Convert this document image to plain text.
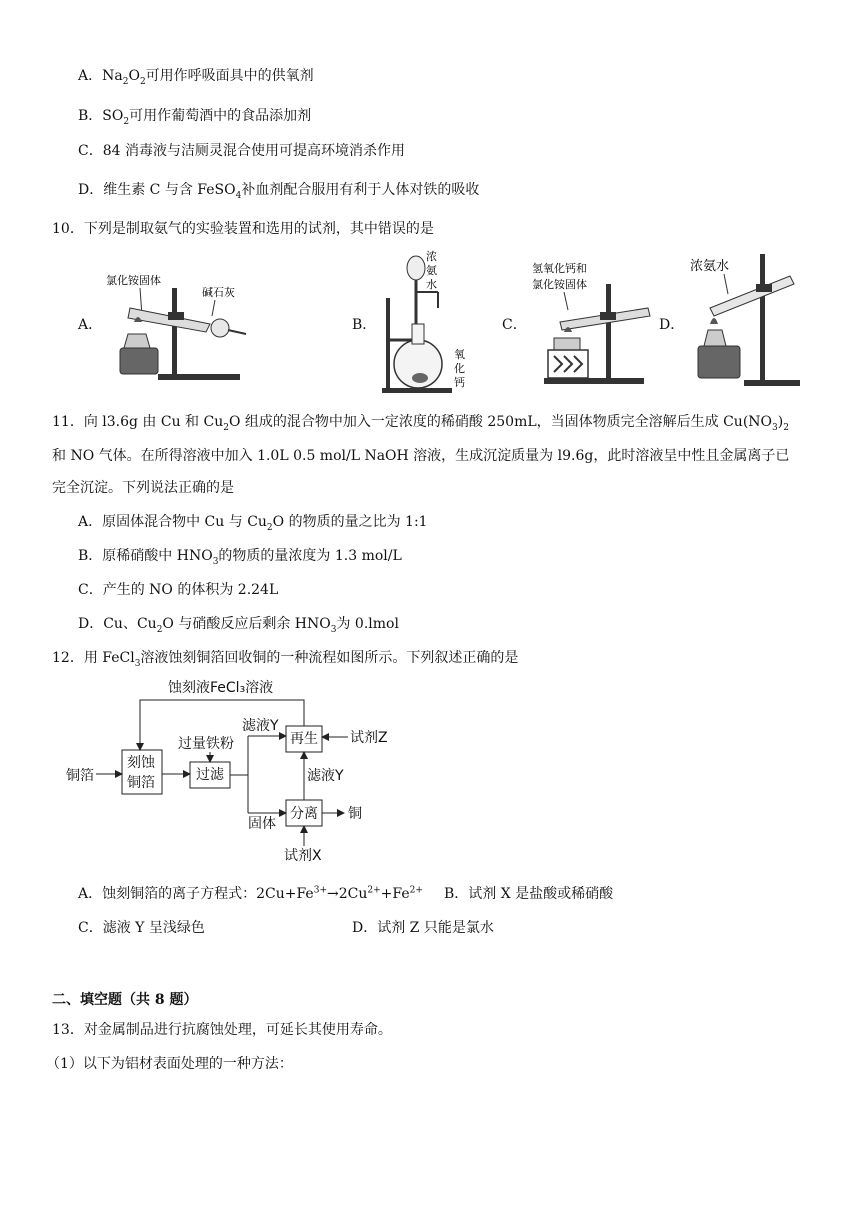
A．$Na_2O_2$可用作呼吸面具中的供氧剂
B．$SO_2$可用作葡萄酒中的食品添加剂
C．84 消毒液与洁厕灵混合使用可提高环境消杀作用
D．维生素 C 与含 FeSO$_4$补血剂配合服用有利于人体对铁的吸收
10．下列是制取氨气的实验装置和选用的试剂，其中错误的是
A．	B．	C．	D．
氯化铵固体
碱石灰
浓
氨
水
氧
化
钙
氢氧化钙和
氯化铵固体
浓氨水
11．向 l3.6g 由 Cu 和 $Cu_2O$ 组成的混合物中加入一定浓度的稀硝酸 250mL，当固体物质完全溶解后生成 $Cu(NO_3)_2$
和 NO 气体。在所得溶液中加入 1.0L 0.5 mol/L NaOH 溶液，生成沉淀质量为 l9.6g，此时溶液呈中性且金属离子已
完全沉淀。下列说法正确的是
A．原固体混合物中 Cu 与 $Cu_2O$ 的物质的量之比为 1:1
B．原稀硝酸中 $HNO_3$的物质的量浓度为 1.3 mol/L
C．产生的 NO 的体积为 2.24L
D．Cu、$Cu_2O$ 与硝酸反应后剩余 $HNO_3$为 0.lmol
12．用 FeCl$_3$溶液蚀刻铜箔回收铜的一种流程如图所示。下列叙述正确的是
蚀刻液FeCl₃溶液
铜箔
刻蚀
铜箔
过量铁粉
过滤
滤液Y
再生 试剂Z
滤液Y
固体
分离 铜
试剂X
A．蚀刻铜箔的离子方程式：$2Cu+Fe^{3+}\to 2Cu^{2+}+Fe^{2+}$ B．试剂 X 是盐酸或稀硝酸
C．滤液 Y 呈浅绿色	D．试剂 Z 只能是氯水
二、填空题（共 8 题）
13．对金属制品进行抗腐蚀处理，可延长其使用寿命。
（1）以下为铝材表面处理的一种方法：
